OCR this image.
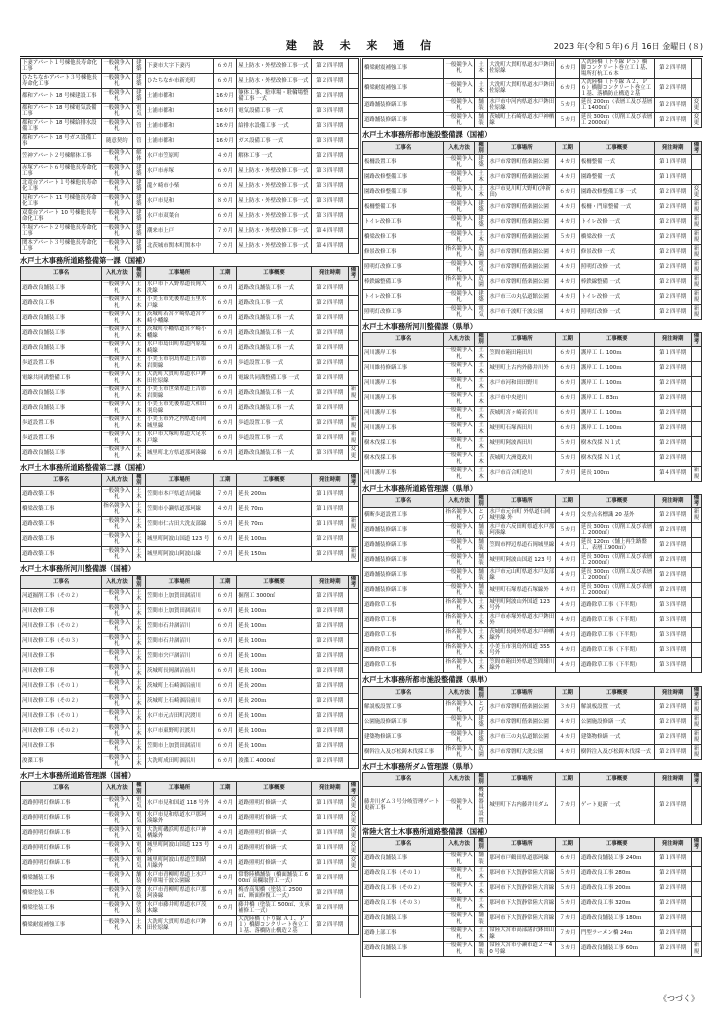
建 設 未 来 通 信	2023 年(令和５年)６月 16日 金曜日 (８)
下妻アパート１号棟他長寿命化工事	一般競争入札	建築	下妻市大字下妻丙	６カ月	屋上防水・外壁改修工事一式	第２四半期	
ひたちなかアパート３号棟他長寿命化工事	一般競争入札	建築	ひたちなか市新光町	６カ月	屋上防水・外壁改修工事一式	第２四半期	
都和アパート 18 号棟建設工事	一般競争入札	建築	土浦市都和	16カ月	躯体工事、駐車場・駐輪場整備工事 一式	第２四半期	
都和アパート 18 号棟電気設備工事	一般競争入札	電気	土浦市都和	16カ月	電気設備工事 一式	第３四半期	
都和アパート 18 号棟給排水設備工事	一般競争入札	管	土浦市都和	16カ月	給排水設備工事 一式	第３四半期	
都和アパート 18 号ガス設備工事	随意契約	管	土浦市都和	16カ月	ガス設備工事 一式	第３四半期	
笠神アパート２号棟解体工事	一般競争入札	解体	水戸市笠原町	４カ月	解体工事 一式	第２四半期	
赤塚アパート６号棟他長寿命化工事	一般競争入札	建築	水戸市赤塚	６カ月	屋上防水・外壁改修工事一式	第３四半期	
北竜台アパート１号棟他長寿命化工事	一般競争入札	建築	龍ケ崎市小柴	６カ月	屋上防水・外壁改修工事一式	第３四半期	
見和アパート 11 号棟他長寿命化工事	一般競争入札	建築	水戸市見和	８カ月	屋上防水・外壁改修工事一式	第３四半期	
双葉台アパート 10 号棟他長寿命化工事	一般競争入札	建築	水戸市双葉台	６カ月	屋上防水・外壁改修工事一式	第３四半期	
牛堀アパート２号棟他長寿命化工事	一般競争入札	建築	潮来市上戸	７カ月	屋上防水・外壁改修工事一式	第４四半期	
関本アパート３号棟他長寿命化工事	一般競争入札	建築	北茨城市関本町関本中	７カ月	屋上防水・外壁改修工事一式	第４四半期	
水戸土木事務所道路整備第一課（国補）
工事名	入札方法	種別	工事場所	工期	工事概要	発注時期	備考
道路改良舗装工事	一般競争入札	土木	水戸市下入野県道長岡大洗線	６カ月	道路改良舗装工事 一式	第２四半期	
道路改良工事	一般競争入札	土木	小美玉市先後県道玉里水戸線	６カ月	道路改良工事 一式	第２四半期	
道路改良舗装工事	一般競争入札	土木	茨城町若宮ケ崎県道宮ケ崎小幡線	６カ月	道路改良舗装工事 一式	第２四半期	
道路改良舗装工事	一般競争入札	土木	茨城町小幡県道宮ケ崎小幡線	６カ月	道路改良舗装工事 一式	第２四半期	
道路改良舗装工事	一般競争入札	土木	水戸市島田町県道内原塩崎線	６カ月	道路改良舗装工事 一式	第２四半期	
歩道設置工事	一般競争入札	土木	小美玉市羽鳥県道上吉影岩間線	６カ月	歩道設置工事 一式	第２四半期	
電線共同溝整備工事	一般競争入札	土木	大洗町大貫町県道水戸鉾田佐原線	６カ月	電線共同溝整備工事 一式	第２四半期	
道路改良舗装工事	一般競争入札	土木	小美玉市世楽県道上吉影岩間線	６カ月	道路改良舗装工事 一式	第２四半期	新規
道路改良舗装工事	一般競争入札	土木	小美玉市先後県道大和田羽鳥線	６カ月	道路改良舗装工事 一式	第２四半期	
歩道設置工事	一般競争入札	土木	小美玉市外之内県道石岡城里線	６カ月	歩道設置工事 一式	第２四半期	新規
歩道設置工事	一般競争入札	土木	水戸市大塚町県道大足水戸線	６カ月	歩道設置工事 一式	第２四半期	新規
道路改良舗装工事	一般競争入札	土木	城里町北方県道那珂湊線	６カ月	道路改良舗装工事 一式	第３四半期	変更
水戸土木事務所道路整備第二課（国補）
工事名	入札方法	種別	工事場所	工期	工事概要	発注時期	備考
道路改築工事	一般競争入札	土木	笠間市本戸県道吉岡線	７カ月	延長 200ｍ	第１四半期	
橋梁改築工事	指名競争入札	土木	笠間市小瀬県道那珂線	４カ月	延長 70ｍ	第１四半期	
道路改築工事	一般競争入札	土木	笠間市仁古田大洗友部線	５カ月	延長 70ｍ	第１四半期	新規
道路改築工事	一般競争入札	土木	城里町阿波山国道 123 号	６カ月	延長 100ｍ	第２四半期	
道路改築工事	一般競争入札	土木	城里町阿波山阿波山線	７カ月	延長 150ｍ	第２四半期	新規
水戸土木事務所河川整備課（国補）
工事名	入札方法	種別	工事場所	工期	工事概要	発注時期	備考
河道掘削工事（その２）	一般競争入札	土木	笠間市上加賀田涸沼川	６カ月	掘削工 3000㎥	第２四半期	
河川改修工事	一般競争入札	土木	笠間市上加賀田涸沼川	６カ月	延長 100ｍ	第２四半期	
河川改修工事（その２）	一般競争入札	土木	笠間市石井涸沼川	６カ月	延長 100ｍ	第２四半期	
河川改修工事（その３）	一般競争入札	土木	笠間市石井涸沼川	６カ月	延長 100ｍ	第２四半期	
河川改修工事	一般競争入札	土木	笠間市宍戸涸沼川	６カ月	延長 100ｍ	第２四半期	
河川改修工事	一般競争入札	土木	茨城町長岡涸沼前川	６カ月	延長 100ｍ	第２四半期	
河川改修工事（その１）	一般競争入札	土木	茨城町上石崎涸沼前川	６カ月	延長 200ｍ	第２四半期	
河川改修工事（その２）	一般競争入札	土木	茨城町上石崎涸沼前川	６カ月	延長 200ｍ	第２四半期	
河川改修工事（その１）	一般競争入札	土木	水戸市元吉田町沢渡川	６カ月	延長 100ｍ	第２四半期	
河川改修工事（その２）	一般競争入札	土木	水戸市東野町沢渡川	６カ月	延長 100ｍ	第２四半期	
河川改修工事	一般競争入札	土木	笠間市上加賀田涸沼川	６カ月	延長 100ｍ	第２四半期	
浚渫工事	一般競争入札	土木	大洗町成田町涸沼川	６カ月	浚渫工 4000㎥	第２四半期	
水戸土木事務所道路管理課（国補）
工事名	入札方法	種別	工事場所	工期	工事概要	発注時期	備考
道路照明灯修繕工事	一般競争入札	電気	水戸市見和国道 118 号外	４カ月	道路照明灯修繕一式	第１四半期	変更
道路照明灯修繕工事	一般競争入札	電気	水戸市見和県道水戸那珂湊線外	４カ月	道路照明灯修繕一式	第１四半期	変更
道路照明灯修繕工事	一般競争入札	電気	大洗町磯浜町県道水戸神栖線外	４カ月	道路照明灯修繕一式	第１四半期	変更
道路照明灯修繕工事	一般競争入札	電気	城里町阿波山国道 123 号外	４カ月	道路照明灯修繕一式	第１四半期	変更
道路照明灯修繕工事	一般競争入札	電気	城里町阿波山県道笠間緒川線外	４カ月	道路照明灯修繕一式	第１四半期	変更
橋梁舗装工事	一般競争入札	舗装	水戸市青柳町県道上水戸停車場千波公園線	４カ月	常磐陸橋舗装（橋面舗装工 600㎡ 高欄取替工一式）	第２四半期	
橋梁塗装工事	一般競争入札	塗装	水戸市青柳町県道水戸那珂湊線	６カ月	梅香高架橋（塗装工 2500㎡、断面修復工一式）	第２四半期	
橋梁塗装工事	一般競争入札	塗装	水戸市藤井町県道水戸茂木線	６カ月	藤井橋（塗装工 500㎡、支承補修工一式）	第２四半期	
橋梁耐震補強工事	一般競争入札	土木	大洗町大貫町県道水戸鉾田佐原線	６カ月	大洗陸橋（下り線 Ａ１、Ｐ１）橋脚コンクリート巻立工１基、落橋防止構造２基	第２四半期	
橋梁耐震補強工事	一般競争入札	土木	大洗町大貫町県道水戸鉾田佐原線	６カ月	大洗陸橋（下り線 Ｐ５）橋脚コンクリート巻立工１基、場所打杭工６本	第２四半期	
橋梁耐震補強工事	一般競争入札	土木	大洗町大貫町県道水戸鉾田佐原線	６カ月	大洗陸橋（下り線 Ａ２、Ｐ６）橋脚コンクリート巻立工１基、落橋防止構造２基	第２四半期	
道路舗装修繕工事	一般競争入札	舗装	水戸市中河内県道水戸鉾田佐原線	５カ月	延長 200ｍ（表層工及び基層工 1400㎡）	第２四半期	変更
道路舗装修繕工事	一般競争入札	舗装	茨城町上石崎県道水戸神栖線	５カ月	延長 300ｍ（切削工及び表層工 2000㎡）	第２四半期	変更
水戸土木事務所都市施設整備課（国補）
工事名	入札方法	種別	工事場所	工期	工事概要	発注時期	備考
板柵設置工事	一般競争入札	建築	水戸市常磐町偕楽園公園	４カ月	板柵整備 一式	第１四半期	
園路改修整備工事	一般競争入札	土木	水戸市常磐町偕楽園公園	４カ月	園路整備 一式	第１四半期	
園路改修整備工事	一般競争入札	土木	水戸市見川町大野町(沖新田)	６カ月	園路改修整備工事 一式	第２四半期	変更
板柵整備工事	一般競争入札	建築	水戸市常磐町偕楽園公園	４カ月	板柵・門扉整備 一式	第２四半期	新規
トイレ改修工事	一般競争入札	建築	水戸市常磐町偕楽園公園	４カ月	トイレ改修 一式	第２四半期	新規
橋梁改修工事	一般競争入札	土木	水戸市常磐町偕楽園公園	５カ月	橋梁改修 一式	第２四半期	新規
修景改修工事	指名競争入札	造園	水戸市常磐町偕楽園公園	４カ月	修景改修 一式	第２四半期	新規
照明灯改修工事	一般競争入札	電気	水戸市常磐町偕楽園公園	４カ月	照明灯改修 一式	第２四半期	新規
棒鉄線整備工事	指名競争入札	造園	水戸市常磐町偕楽園公園	４カ月	棒鉄線整備 一式	第２四半期	新規
トイレ改修工事	一般競争入札	建築	水戸市三の丸弘道館公園	４カ月	トイレ改修 一式	第２四半期	新規
照明灯改修工事	一般競争入札	電気	水戸市千波町千波公園	４カ月	照明灯改修 一式	第２四半期	新規
水戸土木事務所河川整備課（県単）
工事名	入札方法	種別	工事場所	工期	工事概要	発注時期	備考
河川護岸工事	一般競争入札	土木	笠間市箱田箱田川	６カ月	護岸工 Ｌ 100ｍ	第１四半期	
河川維持修繕工事	一般競争入札	土木	城里町上古内外藤井川外	６カ月	護岸工 Ｌ 100ｍ	第２四半期	
河川護岸工事	一般競争入札	土木	水戸市河和田田野川	６カ月	護岸工 Ｌ 100ｍ	第２四半期	
河川護岸工事	一般競争入札	土木	水戸市中央逆川	６カ月	護岸工 Ｌ 83ｍ	第２四半期	
河川護岸工事	一般競争入札	土木	茨城町宮ヶ崎若宮川	６カ月	護岸工 Ｌ 100ｍ	第２四半期	
河川護岸工事	一般競争入札	土木	城里町石塚西田川	６カ月	護岸工 Ｌ 100ｍ	第２四半期	
樹木伐採工事	一般競争入札	土木	城里町阿波西田川	５カ月	樹木伐採 Ｎ１式	第２四半期	
樹木伐採工事	一般競争入札	土木	茨城町大洲寛政川	５カ月	樹木伐採 Ｎ１式	第２四半期	
河川護岸工事	一般競争入札	土木	水戸市百合町逆川	７カ月	延長 100ｍ	第４四半期	新規
水戸土木事務所道路管理課（県単）
工事名	入札方法	種別	工事場所	工期	工事概要	発注時期	備考
横断歩道設置工事	指名競争入札	とび	水戸市元台町 外県道石岡城里線 外	４カ月	交差点名標識 20 基外	第２四半期	新規
道路舗装修繕工事	一般競争入札	舗装	水戸市六反田町県道水戸那珂湊線	５カ月	延長 300ｍ（切削工及び表層工 2000㎡）	第２四半期	
道路舗装修繕工事	一般競争入札	舗装	笠間市押辺県道石岡城里線	４カ月	延長 120ｍ（舗上再生路盤工、表層工900㎡）	第２四半期	
道路舗装修繕工事	一般競争入札	舗装	城里町阿波山国道 123 号	４カ月	延長 300ｍ（切削工及び表層工 2000㎡）	第２四半期	
道路舗装修繕工事	一般競争入札	舗装	水戸市元山町県道水戸友部線	４カ月	延長 300ｍ（切削工及び表層工 2000㎡）	第２四半期	
道路舗装修繕工事	一般競争入札	舗装	城里町石塚県道石塚線外	４カ月	延長 300ｍ（切削工及び表層工 2000㎡）	第２四半期	
道路除草工事	指名競争入札	土木	城里町阿波山外国道 123 号外	４カ月	道路除草工事（下半期）	第３四半期	
道路除草工事	指名競争入札	土木	水戸市赤塚外県道水戸鉾田外	４カ月	道路除草工事（下半期）	第３四半期	
道路除草工事	指名競争入札	土木	茨城町長岡外県道水戸神栖線外	４カ月	道路除草工事（下半期）	第３四半期	
道路除草工事	指名競争入札	土木	小美玉市羽鳥外国道 355 号外	４カ月	道路除草工事（下半期）	第３四半期	
道路除草工事	指名競争入札	土木	笠間市箱田外県道笠間緒川線外	４カ月	道路除草工事（下半期）	第３四半期	
水戸土木事務所都市施設整備課（県単）
工事名	入札方法	種別	工事場所	工期	工事概要	発注時期	備考
解説板設置工事	指名競争入札	とび	水戸市常磐町偕楽園公園	３カ月	解説板設置 一式	第２四半期	新規
公園施設修繕工事	一般競争入札	建築	水戸市常磐町偕楽園公園	４カ月	公園施設修繕 一式	第２四半期	新規
建築物修繕工事	一般競争入札	建築	水戸市三の丸弘道館公園	４カ月	建築物修繕 一式	第２四半期	新規
樹幹注入及び松鋳木伐採工事	指名競争入札	造園	水戸市常磐町大洗公園	４カ月	樹幹注入及び松鋳木伐採一式	第２四半期	新規
水戸土木事務所ダム管理課（県単）
工事名	入札方法	種別	工事場所	工期	工事概要	発注時期	備考
藤井川ダム３号分岐管理ゲート更新工事	一般競争入札	機械器具設置	城里町下古内藤井川ダム	７カ月	ゲート更新 一式	第２四半期	
常陸大宮土木事務所道路整備課（国補）
工事名	入札方法	種別	工事場所	工期	工事概要	発注時期	備考
道路改良舗装工事	一般競争入札	舗装	那珂市戸鶴田県道那珂線	６カ月	道路改良舗装工事 240ｍ	第１四半期	
道路改良工事（その１）	一般競争入札	土木	那珂市下大賀静常陸大宮線	５カ月	道路改良工事 280ｍ	第２四半期	
道路改良工事（その２）	一般競争入札	土木	那珂市下大賀静常陸大宮線	５カ月	道路改良工事 200ｍ	第２四半期	
道路改良工事（その３）	一般競争入札	土木	那珂市下大賀静常陸大宮線	５カ月	道路改良工事 320ｍ	第２四半期	
道路改良舗装工事	一般競争入札	舗装	那珂市下大賀静常陸大宮線	７カ月	道路改良舗装工事 180ｍ	第２四半期	
道路上部工事	一般競争入札	土木	常陸大宮市高部諸沢鉢田山線	７カ月	門型ラーメン橋 24ｍ	第２四半期	
道路改良舗装工事	一般競争入札	舗装	常陸大宮市小瀬市道２－40 号線	３カ月	道路改良舗装工事 60ｍ	第２四半期	新規
《つづく》
